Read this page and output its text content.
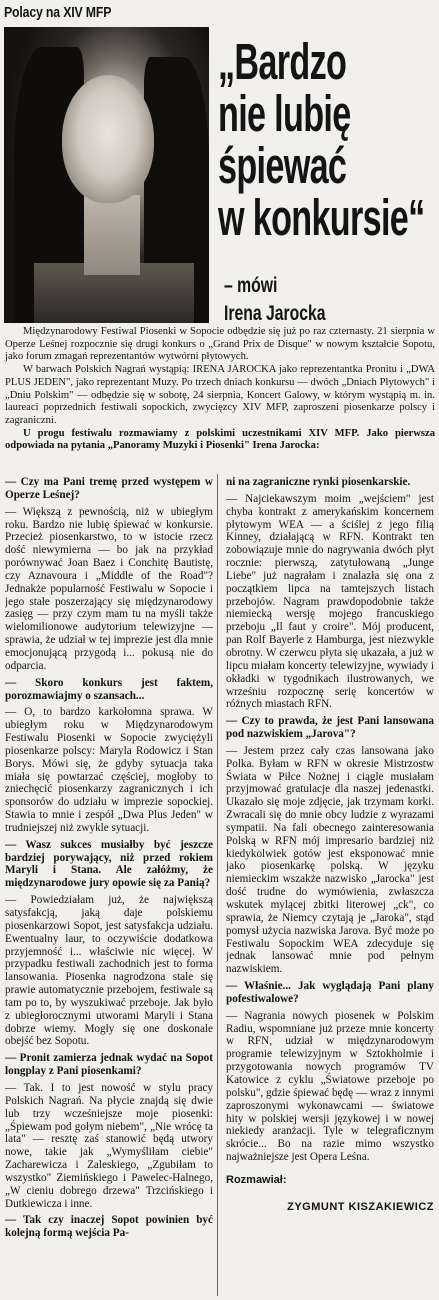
Polacy na XIV MFP
„Bardzo
nie lubię
śpiewać
w konkursie“
– mówi
Irena Jarocka

Międzynarodowy Festiwal Piosenki w Sopocie odbędzie się już po raz czternasty. 21 sierpnia w Operze Leśnej rozpocznie się drugi konkurs o „Grand Prix de Disque" w nowym kształcie Sopotu, jako forum zmagań reprezentantów wytwórni płytowych.

W barwach Polskich Nagrań wystąpią: IRENA JAROCKA jako reprezentantka Pronitu i „DWA PLUS JEDEN", jako reprezentant Muzy. Po trzech dniach konkursu — dwóch „Dniach Płytowych" i „Dniu Polskim" — odbędzie się w sobotę, 24 sierpnia, Koncert Galowy, w którym wystąpią m. in. laureaci poprzednich festiwali sopockich, zwycięzcy XIV MFP, zaproszeni piosenkarze polscy i zagraniczni.

U progu festiwalu rozmawiamy z polskimi uczestnikami XIV MFP. Jako pierwsza odpowiada na pytania „Panoramy Muzyki i Piosenki" Irena Jarocka:

— Czy ma Pani tremę przed występem w Operze Leśnej?

— Większą z pewnością, niż w ubiegłym roku. Bardzo nie lubię śpiewać w konkursie. Przecież piosenkarstwo, to w istocie rzecz dość niewymierna — bo jak na przykład porównywać Joan Baez i Conchitę Bautistę, czy Aznavoura i „Middle of the Road"? Jednakże popularność Festiwalu w Sopocie i jego stałe poszerzający się międzynarodowy zasięg — przy czym mam tu na myśli także wielomilionowe audytorium telewizyjne — sprawia, że udział w tej imprezie jest dla mnie emocjonującą przygodą i... pokusą nie do odparcia.

— Skoro konkurs jest faktem, porozmawiajmy o szansach...

— O, to bardzo karkołomna sprawa. W ubiegłym roku w Międzynarodowym Festiwalu Piosenki w Sopocie zwyciężyli piosenkarze polscy: Maryla Rodowicz i Stan Borys. Mówi się, że gdyby sytuacja taka miała się powtarzać częściej, mogłoby to zniechęcić piosenkarzy zagranicznych i ich sponsorów do udziału w imprezie sopockiej. Stawia to mnie i zespół „Dwa Plus Jeden" w trudniejszej niż zwykle sytuacji.

— Wasz sukces musiałby być jeszcze bardziej porywający, niż przed rokiem Maryli i Stana. Ale załóżmy, że międzynarodowe jury opowie się za Panią?

— Powiedziałam już, że największą satysfakcją, jaką daje polskiemu piosenkarzowi Sopot, jest satysfakcja udziału. Ewentualny laur, to oczywiście dodatkowa przyjemność i... właściwie nic więcej. W przypadku festiwali zachodnich jest to forma lansowania. Piosenka nagrodzona stale się prawie automatycznie przebojem, festiwale są tam po to, by wyszukiwać przeboje. Jak było z ubiegłorocznymi utworami Maryli i Stana dobrze wiemy. Mogły się one doskonale obejść bez Sopotu.

— Pronit zamierza jednak wydać na Sopot longplay z Pani piosenkami?

— Tak. I to jest nowość w stylu pracy Polskich Nagrań. Na płycie znajdą się dwie lub trzy wcześniejsze moje piosenki: „Śpiewam pod gołym niebem", „Nie wrócę ta lata" — resztę zaś stanowić będą utwory nowe, takie jak „Wymyśliłam ciebie" Zacharewicza i Zaleskiego, „Zgubiłam to wszystko" Ziemińskiego i Pawelec-Halnego, „W cieniu dobrego drzewa" Trzcińskiego i Dutkiewicza i inne.

— Tak czy inaczej Sopot powinien być kolejną formą wejścia Pa-

ni na zagraniczne rynki piosenkarskie.

— Najciekawszym moim „wejściem" jest chyba kontrakt z amerykańskim koncernem płytowym WEA — a ściślej z jego filią Kinney, działającą w RFN. Kontrakt ten zobowiązuje mnie do nagrywania dwóch płyt rocznie: pierwszą, zatytułowaną „Junge Liebe" już nagrałam i znalazła się ona z początkiem lipca na tamtejszych listach przebojów. Nagram prawdopodobnie także niemiecką wersję mojego francuskiego przeboju „Il faut y croire". Mój producent, pan Rolf Bayerle z Hamburga, jest niezwykle obrotny. W czerwcu płyta się ukazała, a już w lipcu miałam koncerty telewizyjne, wywiady i okładki w tygodnikach ilustrowanych, we wrześniu rozpocznę serię koncertów w różnych miastach RFN.

— Czy to prawda, że jest Pani lansowana pod nazwiskiem „Jarova"?

— Jestem przez cały czas lansowana jako Polka. Byłam w RFN w okresie Mistrzostw Świata w Piłce Nożnej i ciągle musiałam przyjmować gratulacje dla naszej jedenastki. Ukazało się moje zdjęcie, jak trzymam korki. Zwracali się do mnie obcy ludzie z wyrazami sympatii. Na fali obecnego zainteresowania Polską w RFN mój impresario bardziej niż kiedykolwiek gotów jest eksponować mnie jako piosenkarkę polską. W języku niemieckim wszakże nazwisko „Jarocka" jest dość trudne do wymówienia, zwłaszcza wskutek mylącej zbitki literowej „ck", co sprawia, że Niemcy czytają je „Jaroka", stąd pomysł użycia nazwiska Jarova. Być może po Festiwalu Sopockim WEA zdecyduje się jednak lansować mnie pod pełnym nazwiskiem.

— Właśnie... Jak wyglądają Pani plany pofestiwalowe?

— Nagrania nowych piosenek w Polskim Radiu, wspomniane już przeze mnie koncerty w RFN, udział w międzynarodowym programie telewizyjnym w Sztokholmie i przygotowania nowych programów TV Katowice z cyklu „Światowe przeboje po polsku", gdzie śpiewać będę — wraz z innymi zaproszonymi wykonawcami — światowe hity w polskiej wersji językowej i w nowej niekiedy aranżacji. Tyle w telegraficznym skrócie... Bo na razie mimo wszystko najważniejsze jest Opera Leśna.

Rozmawiał:
ZYGMUNT KISZAKIEWICZ
